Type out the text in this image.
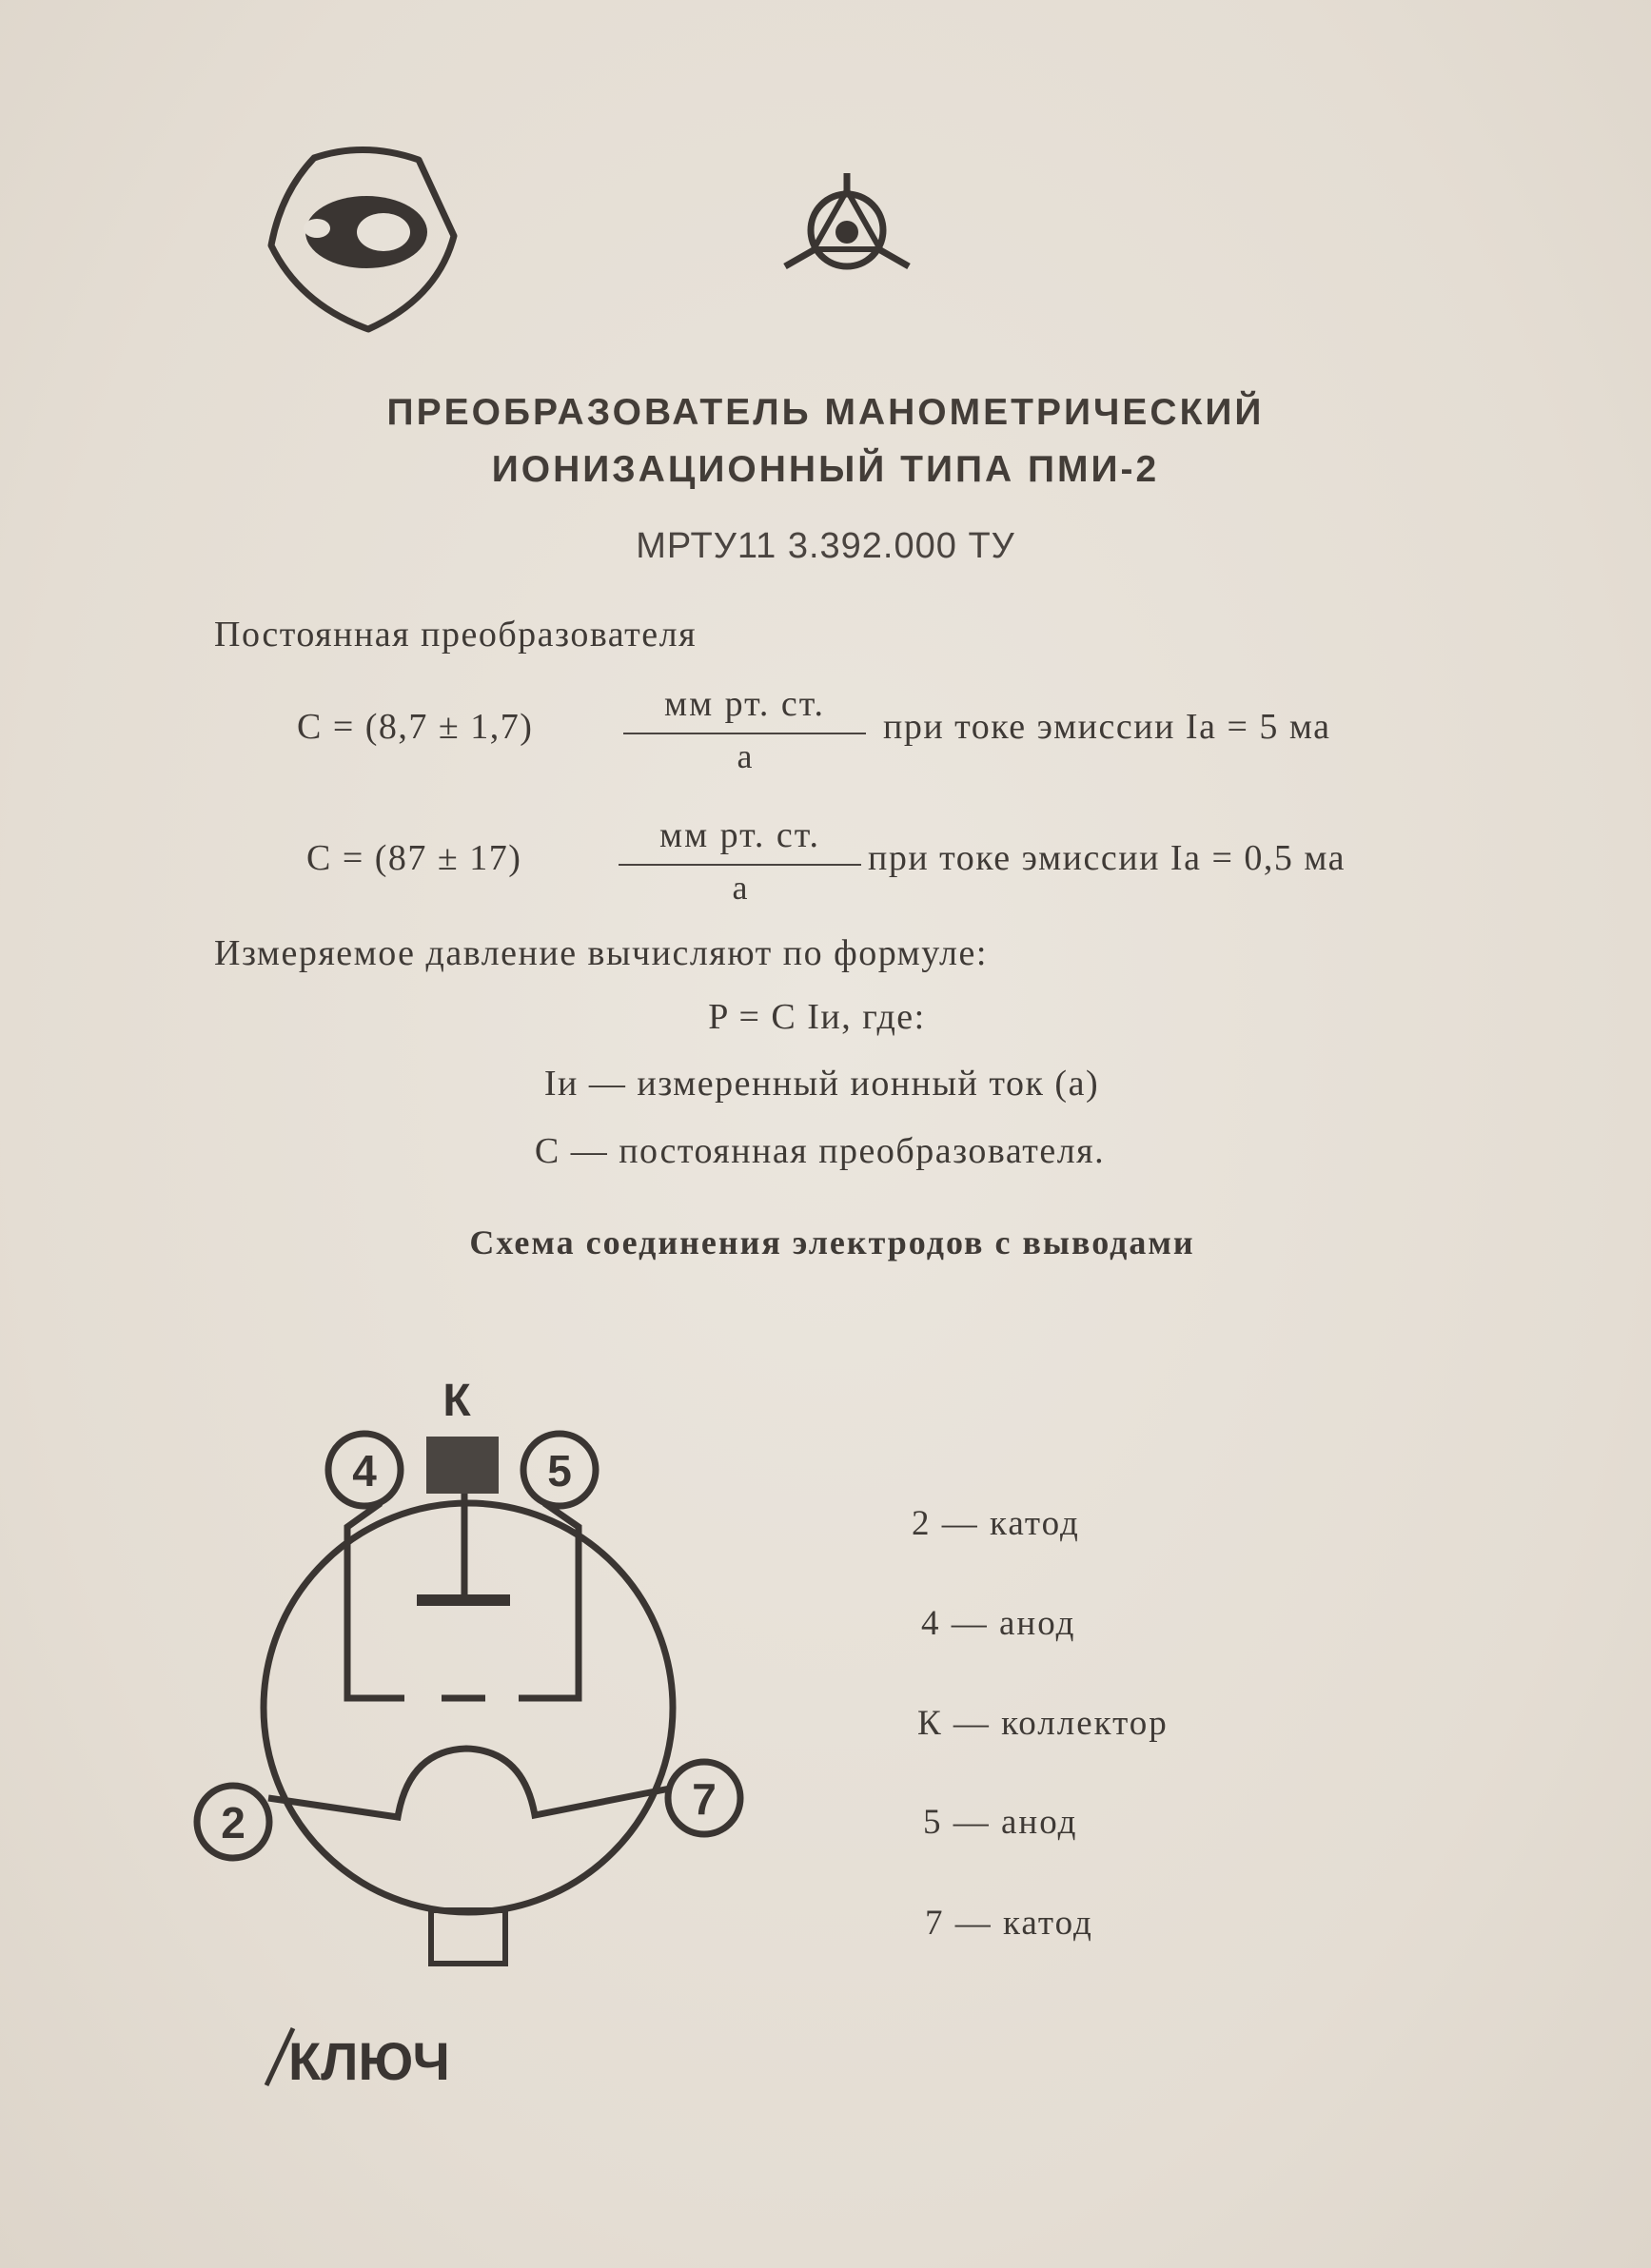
ПРЕОБРАЗОВАТЕЛЬ МАНОМЕТРИЧЕСКИЙ
ИОНИЗАЦИОННЫЙ ТИПА ПМИ-2
МРТУ11 3.392.000 ТУ
Постоянная преобразователя
C = (8,7 ± 1,7)
мм рт. ст.
а
при токе эмиссии Iа = 5 ма
C = (87 ± 17)
мм рт. ст.
а
при токе эмиссии Iа = 0,5 ма
Измеряемое давление вычисляют по формуле:
P = C Iи, где:
Iи — измеренный ионный ток (а)
C — постоянная преобразователя.
Схема соединения электродов с выводами
К
4	5
2	7
КЛЮЧ
2 — катод
4 — анод
К — коллектор
5 — анод
7 — катод
